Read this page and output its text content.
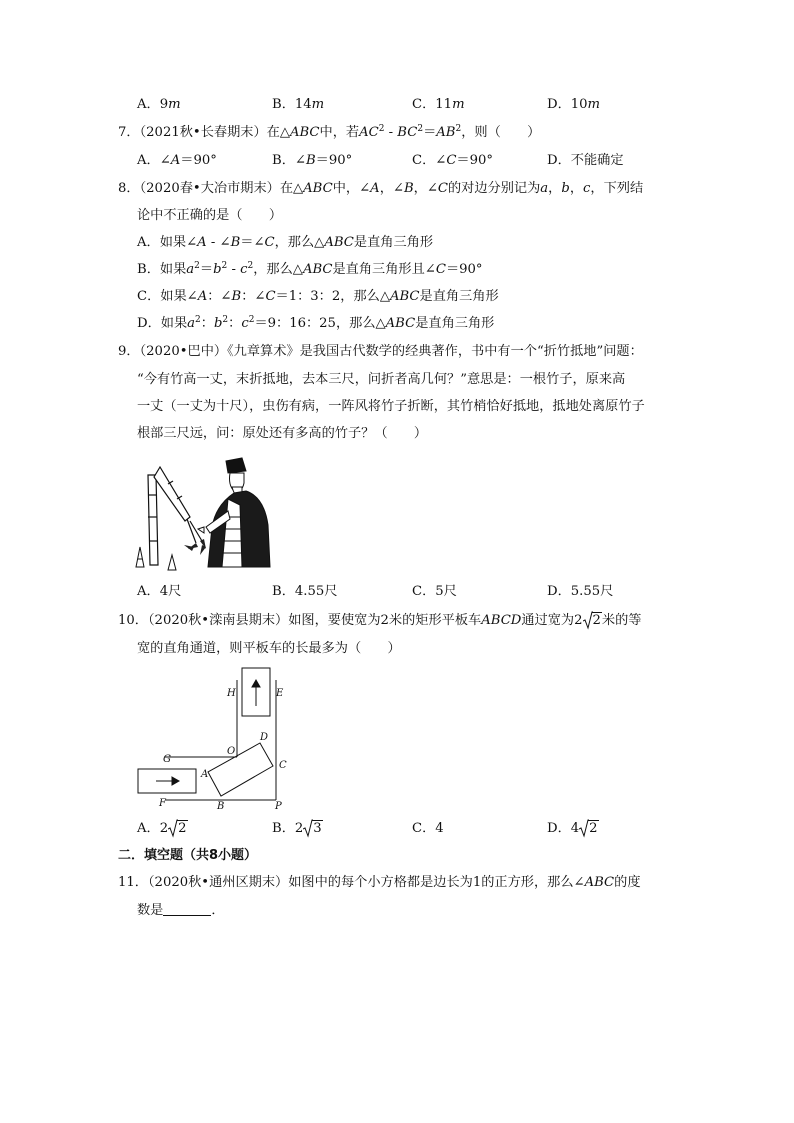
A．9m	B．14m	C．11m	D．10m
7．（2021秋•长春期末）在△ABC中，若$AC^2 - BC^2=AB^2$，则（　　）
A．∠A＝90°	B．∠B＝90°	C．∠C＝90°	D．不能确定
8．（2020春•大冶市期末）在△ABC中，∠A，∠B，∠C的对边分别记为a，b，c，下列结
论中不正确的是（　　）
A．如果∠A - ∠B＝∠C，那么△ABC是直角三角形
B．如果$a^2=b^2 - c^2$，那么△ABC是直角三角形且∠C＝90°
C．如果∠A：∠B：∠C＝1：3：2，那么△ABC是直角三角形
D．如果$a^2$：$b^2$：$c^2=9$：16：25，那么△ABC是直角三角形
9．（2020•巴中）《九章算术》是我国古代数学的经典著作，书中有一个“折竹抵地”问题：
“今有竹高一丈，末折抵地，去本三尺，问折者高几何？”意思是：一根竹子，原来高
一丈（一丈为十尺），虫伤有病，一阵风将竹子折断，其竹梢恰好抵地，抵地处离原竹子
根部三尺远，问：原处还有多高的竹子？（　　）
A．4尺	B．4.55尺	C．5尺	D．5.55尺
10．（2020秋•滦南县期末）如图，要使宽为2米的矩形平板车ABCD通过宽为2 2米的等
宽的直角通道，则平板车的长最多为（　　）
H	E
O
D
G
C
A
F	B	P
A．2 2	B．2 3	C．4	D．4 2
二．填空题（共8小题）
11．（2020秋•通州区期末）如图中的每个小方格都是边长为1的正方形，那么∠ABC的度
数是	．
